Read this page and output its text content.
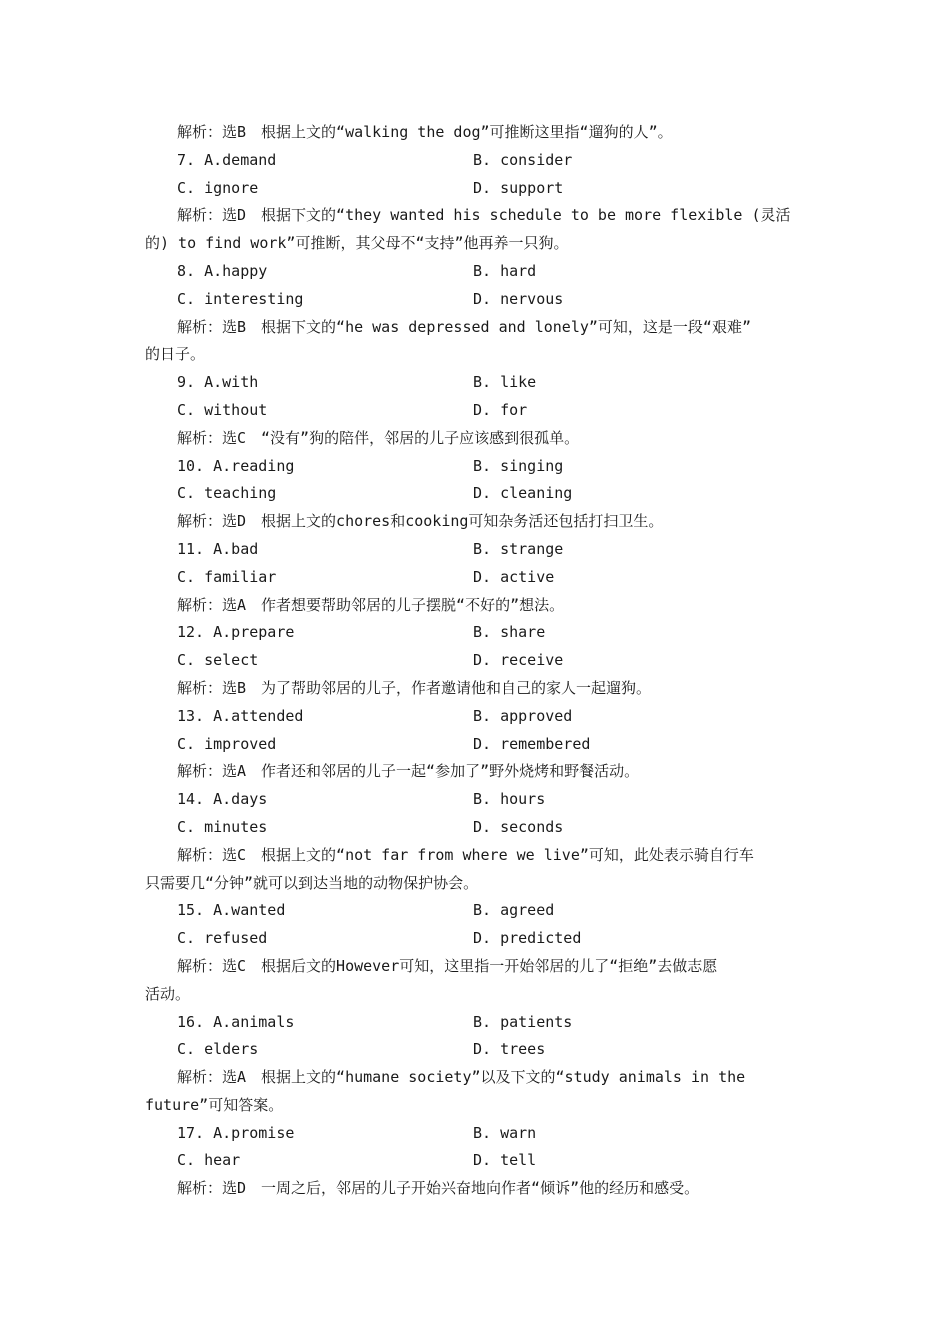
解析：选B　根据上文的“walking the dog”可推断这里指“遛狗的人”。
7. A.demand	B. consider
C. ignore	D. support
解析：选D　根据下文的“they wanted his schedule to be more flexible (灵活
的) to find work”可推断，其父母不“支持”他再养一只狗。
8. A.happy	B. hard
C. interesting	D. nervous
解析：选B　根据下文的“he was depressed and lonely”可知，这是一段“艰难”
的日子。
9. A.with	B. like
C. without	D. for
解析：选C　“没有”狗的陪伴，邻居的儿子应该感到很孤单。
10. A.reading	B. singing
C. teaching	D. cleaning
解析：选D　根据上文的chores和cooking可知杂务活还包括打扫卫生。
11. A.bad	B. strange
C. familiar	D. active
解析：选A　作者想要帮助邻居的儿子摆脱“不好的”想法。
12. A.prepare	B. share
C. select	D. receive
解析：选B　为了帮助邻居的儿子，作者邀请他和自己的家人一起遛狗。
13. A.attended	B. approved
C. improved	D. remembered
解析：选A　作者还和邻居的儿子一起“参加了”野外烧烤和野餐活动。
14. A.days	B. hours
C. minutes	D. seconds
解析：选C　根据上文的“not far from where we live”可知，此处表示骑自行车
只需要几“分钟”就可以到达当地的动物保护协会。
15. A.wanted	B. agreed
C. refused	D. predicted
解析：选C　根据后文的However可知，这里指一开始邻居的儿了“拒绝”去做志愿
活动。
16. A.animals	B. patients
C. elders	D. trees
解析：选A　根据上文的“humane society”以及下文的“study animals in the
future”可知答案。
17. A.promise	B. warn
C. hear	D. tell
解析：选D　一周之后，邻居的儿子开始兴奋地向作者“倾诉”他的经历和感受。
